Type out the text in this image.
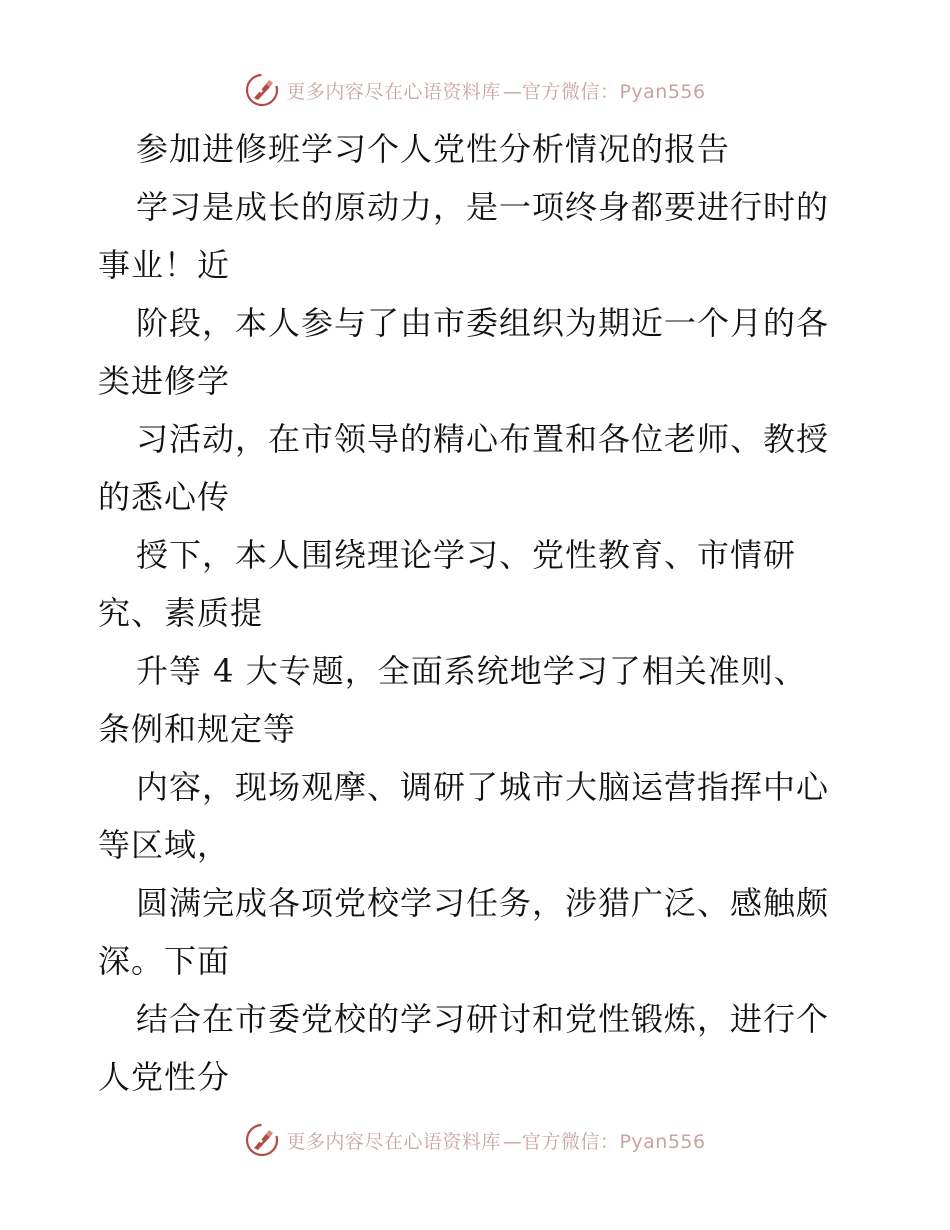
更多内容尽在心语资料库 — 官方微信：Pyan556
参加进修班学习个人党性分析情况的报告
学习是成长的原动力，是一项终身都要进行时的
事业！近
阶段，本人参与了由市委组织为期近一个月的各
类进修学
习活动，在市领导的精心布置和各位老师、教授
的悉心传
授下，本人围绕理论学习、党性教育、市情研
究、素质提
升等 4 大专题，全面系统地学习了相关准则、
条例和规定等
内容，现场观摩、调研了城市大脑运营指挥中心
等区域，
圆满完成各项党校学习任务，涉猎广泛、感触颇
深。下面
结合在市委党校的学习研讨和党性锻炼，进行个
人党性分
更多内容尽在心语资料库 — 官方微信：Pyan556
